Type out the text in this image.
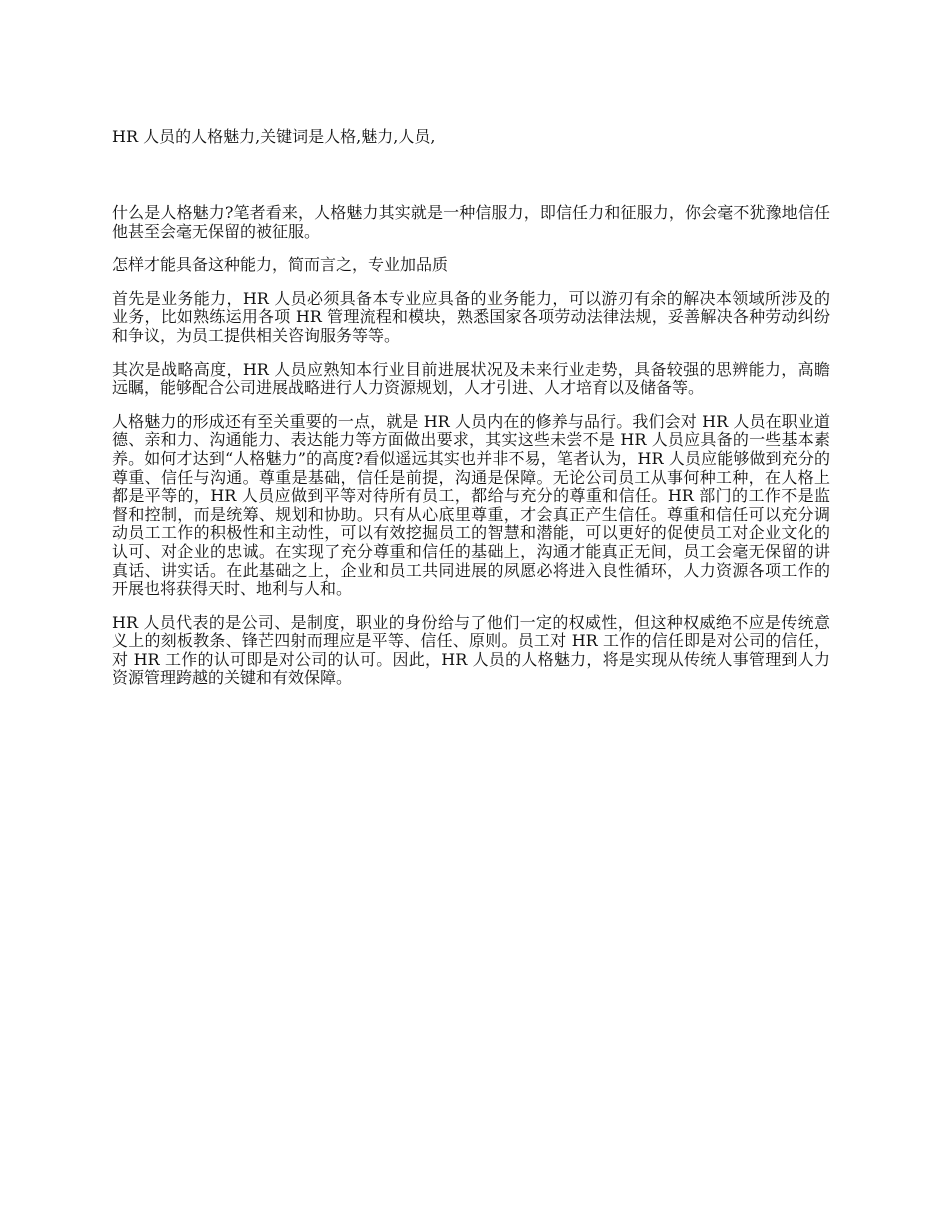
HR 人员的人格魅力,关键词是人格,魅力,人员,

什么是人格魅力?笔者看来，人格魅力其实就是一种信服力，即信任力和征服力，你会毫不犹豫地信任他甚至会毫无保留的被征服。

怎样才能具备这种能力，简而言之，专业加品质

首先是业务能力，HR 人员必须具备本专业应具备的业务能力，可以游刃有余的解决本领域所涉及的业务，比如熟练运用各项 HR 管理流程和模块，熟悉国家各项劳动法律法规，妥善解决各种劳动纠纷和争议，为员工提供相关咨询服务等等。

其次是战略高度，HR 人员应熟知本行业目前进展状况及未来行业走势，具备较强的思辨能力，高瞻远瞩，能够配合公司进展战略进行人力资源规划，人才引进、人才培育以及储备等。

人格魅力的形成还有至关重要的一点，就是 HR 人员内在的修养与品行。我们会对 HR 人员在职业道德、亲和力、沟通能力、表达能力等方面做出要求，其实这些未尝不是 HR 人员应具备的一些基本素养。如何才达到“人格魅力”的高度?看似遥远其实也并非不易，笔者认为，HR 人员应能够做到充分的尊重、信任与沟通。尊重是基础，信任是前提，沟通是保障。无论公司员工从事何种工种，在人格上都是平等的，HR 人员应做到平等对待所有员工，都给与充分的尊重和信任。HR 部门的工作不是监督和控制，而是统筹、规划和协助。只有从心底里尊重，才会真正产生信任。尊重和信任可以充分调动员工工作的积极性和主动性，可以有效挖掘员工的智慧和潜能，可以更好的促使员工对企业文化的认可、对企业的忠诚。在实现了充分尊重和信任的基础上，沟通才能真正无间，员工会毫无保留的讲真话、讲实话。在此基础之上，企业和员工共同进展的夙愿必将进入良性循环，人力资源各项工作的开展也将获得天时、地利与人和。

HR 人员代表的是公司、是制度，职业的身份给与了他们一定的权威性，但这种权威绝不应是传统意义上的刻板教条、锋芒四射而理应是平等、信任、原则。员工对 HR 工作的信任即是对公司的信任，对 HR 工作的认可即是对公司的认可。因此，HR 人员的人格魅力，将是实现从传统人事管理到人力资源管理跨越的关键和有效保障。
